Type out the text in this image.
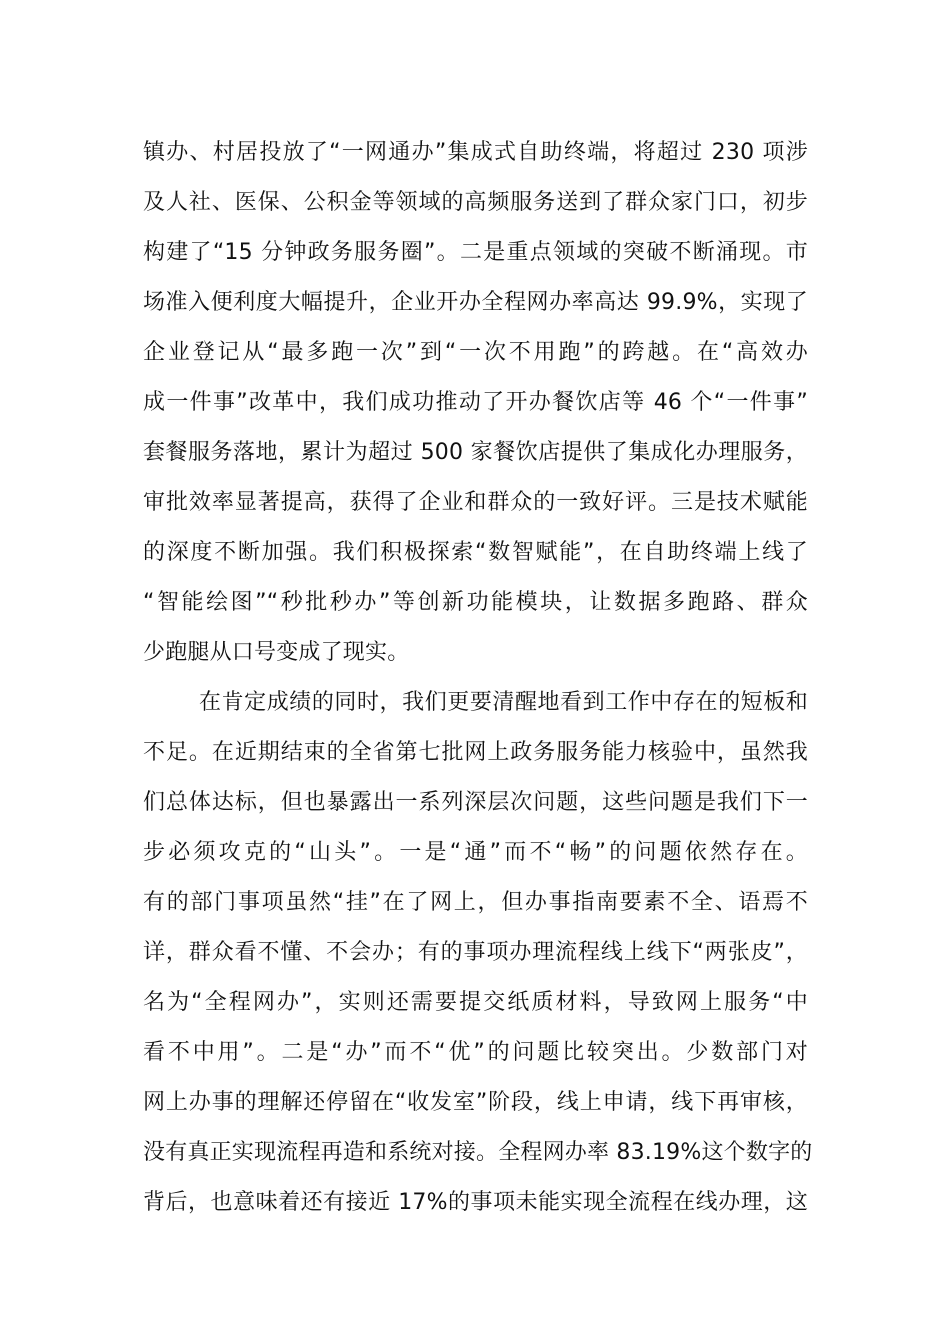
镇办、村居投放了“一网通办”集成式自助终端，将超过 230 项涉
及人社、医保、公积金等领域的高频服务送到了群众家门口，初步
构建了“15 分钟政务服务圈”。二是重点领域的突破不断涌现。市
场准入便利度大幅提升，企业开办全程网办率高达 99.9%，实现了
企业登记从“最多跑一次”到“一次不用跑”的跨越。在“高效办
成一件事”改革中，我们成功推动了开办餐饮店等 46 个“一件事”
套餐服务落地，累计为超过 500 家餐饮店提供了集成化办理服务，
审批效率显著提高，获得了企业和群众的一致好评。三是技术赋能
的深度不断加强。我们积极探索“数智赋能”，在自助终端上线了
“智能绘图”“秒批秒办”等创新功能模块，让数据多跑路、群众
少跑腿从口号变成了现实。
在肯定成绩的同时，我们更要清醒地看到工作中存在的短板和
不足。在近期结束的全省第七批网上政务服务能力核验中，虽然我
们总体达标，但也暴露出一系列深层次问题，这些问题是我们下一
步必须攻克的“山头”。一是“通”而不“畅”的问题依然存在。
有的部门事项虽然“挂”在了网上，但办事指南要素不全、语焉不
详，群众看不懂、不会办；有的事项办理流程线上线下“两张皮”，
名为“全程网办”，实则还需要提交纸质材料，导致网上服务“中
看不中用”。二是“办”而不“优”的问题比较突出。少数部门对
网上办事的理解还停留在“收发室”阶段，线上申请，线下再审核，
没有真正实现流程再造和系统对接。全程网办率 83.19%这个数字的
背后，也意味着还有接近 17%的事项未能实现全流程在线办理，这
